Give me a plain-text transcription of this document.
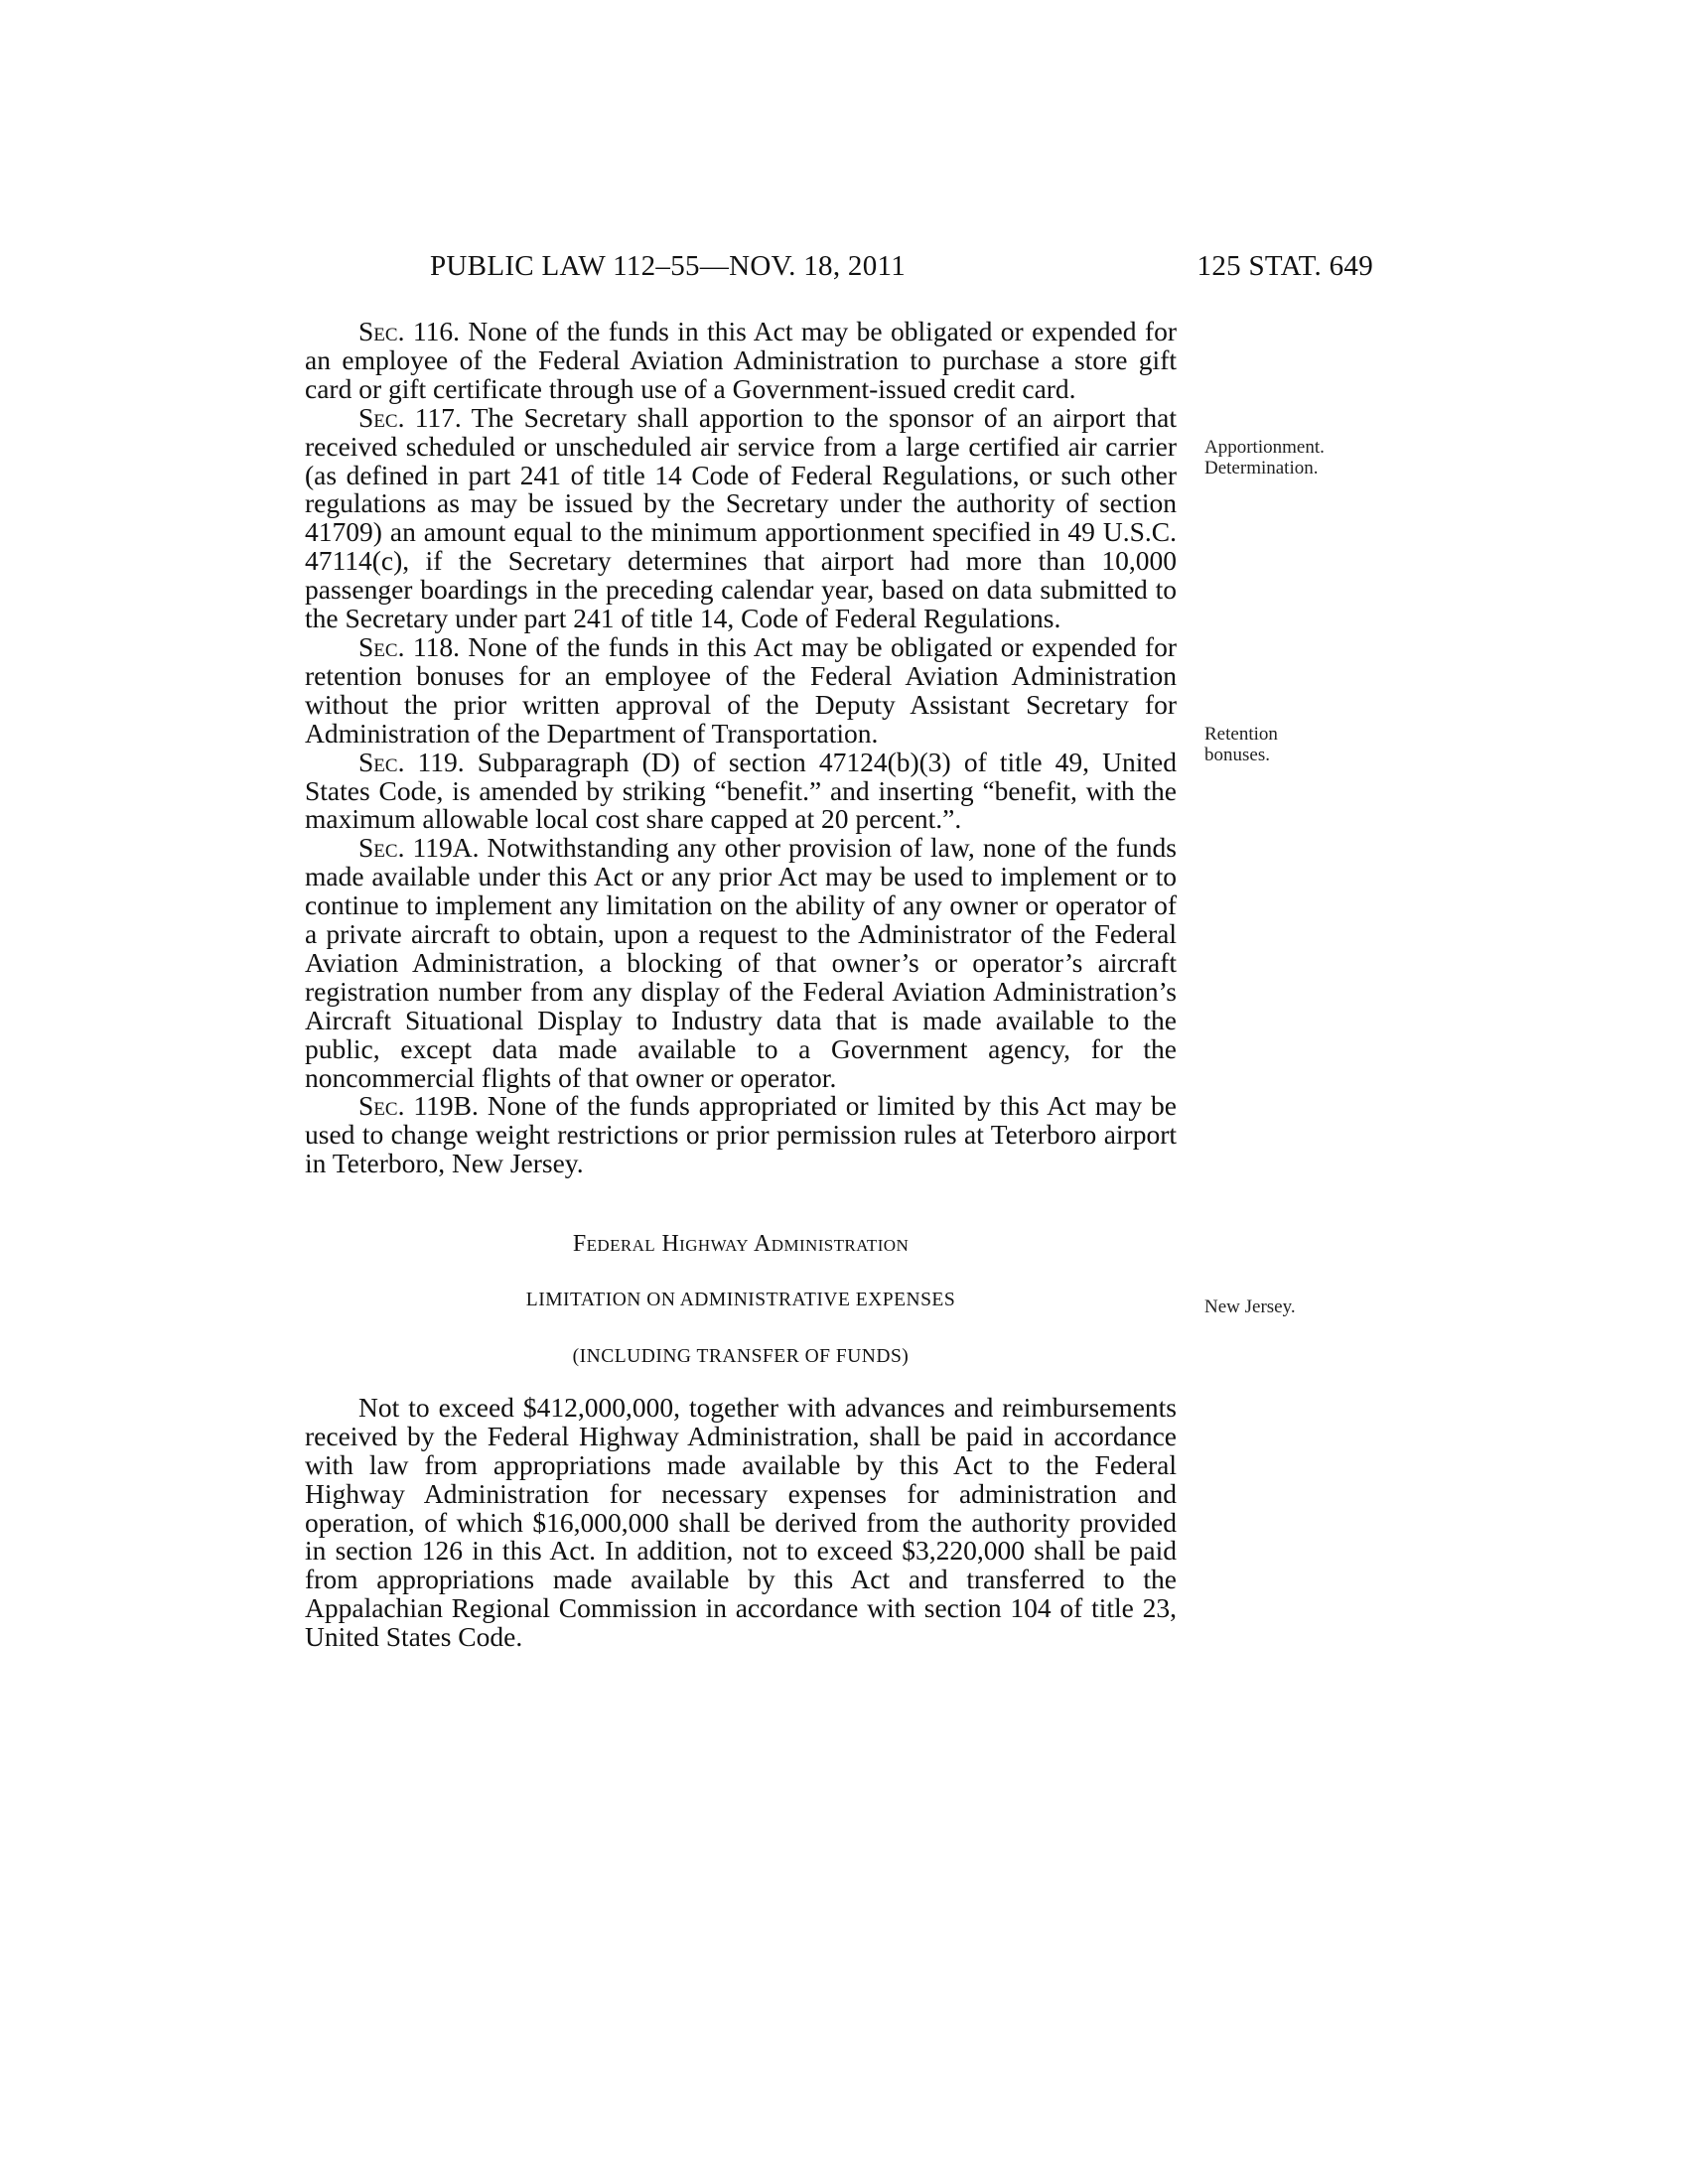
PUBLIC LAW 112–55—NOV. 18, 2011	125 STAT. 649

Sec. 116. None of the funds in this Act may be obligated or expended for an employee of the Federal Aviation Administration to purchase a store gift card or gift certificate through use of a Government-issued credit card.

Sec. 117. The Secretary shall apportion to the sponsor of an airport that received scheduled or unscheduled air service from a large certified air carrier (as defined in part 241 of title 14 Code of Federal Regulations, or such other regulations as may be issued by the Secretary under the authority of section 41709) an amount equal to the minimum apportionment specified in 49 U.S.C. 47114(c), if the Secretary determines that airport had more than 10,000 passenger boardings in the preceding calendar year, based on data submitted to the Secretary under part 241 of title 14, Code of Federal Regulations.

Sec. 118. None of the funds in this Act may be obligated or expended for retention bonuses for an employee of the Federal Aviation Administration without the prior written approval of the Deputy Assistant Secretary for Administration of the Department of Transportation.

Sec. 119. Subparagraph (D) of section 47124(b)(3) of title 49, United States Code, is amended by striking “benefit.” and inserting “benefit, with the maximum allowable local cost share capped at 20 percent.”.

Sec. 119A. Notwithstanding any other provision of law, none of the funds made available under this Act or any prior Act may be used to implement or to continue to implement any limitation on the ability of any owner or operator of a private aircraft to obtain, upon a request to the Administrator of the Federal Aviation Administration, a blocking of that owner’s or operator’s aircraft registration number from any display of the Federal Aviation Administration’s Aircraft Situational Display to Industry data that is made available to the public, except data made available to a Government agency, for the noncommercial flights of that owner or operator.

Sec. 119B. None of the funds appropriated or limited by this Act may be used to change weight restrictions or prior permission rules at Teterboro airport in Teterboro, New Jersey.

Federal Highway Administration

LIMITATION ON ADMINISTRATIVE EXPENSES

(INCLUDING TRANSFER OF FUNDS)

Not to exceed $412,000,000, together with advances and reimbursements received by the Federal Highway Administration, shall be paid in accordance with law from appropriations made available by this Act to the Federal Highway Administration for necessary expenses for administration and operation, of which $16,000,000 shall be derived from the authority provided in section 126 in this Act. In addition, not to exceed $3,220,000 shall be paid from appropriations made available by this Act and transferred to the Appalachian Regional Commission in accordance with section 104 of title 23, United States Code.

Apportionment.
Determination.
Retention
bonuses.
New Jersey.
